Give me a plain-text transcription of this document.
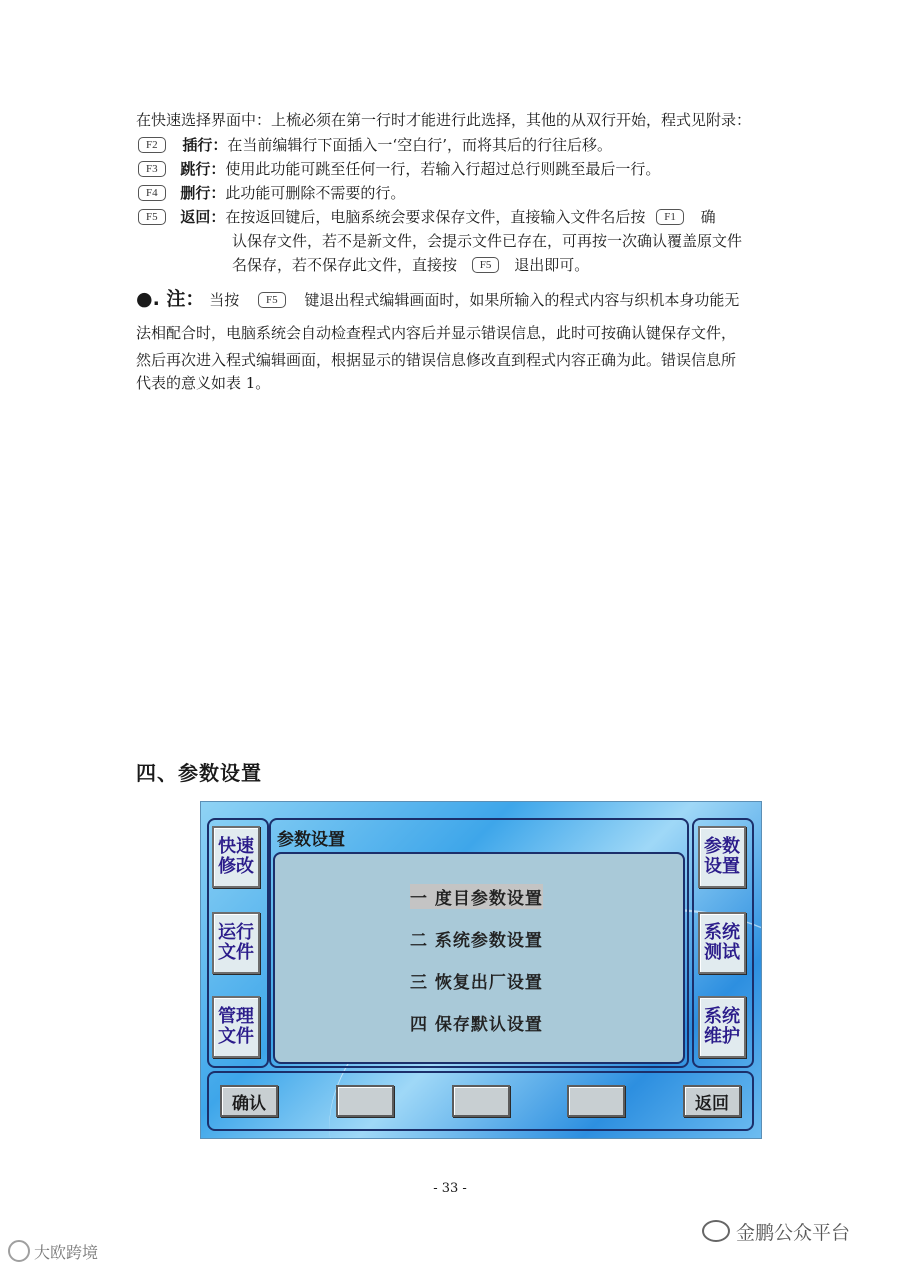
在快速选择界面中：上梳必须在第一行时才能进行此选择，其他的从双行开始，程式见附录：
F2 插行：在当前编辑行下面插入一‘空白行’，而将其后的行往后移。
F3 跳行：使用此功能可跳至任何一行，若输入行超过总行则跳至最后一行。
F4 删行：此功能可删除不需要的行。
F5 返回：在按返回键后，电脑系统会要求保存文件，直接输入文件名后按 F1 确
认保存文件，若不是新文件，会提示文件已存在，可再按一次确认覆盖原文件
名保存，若不保存此文件，直接按 F5 退出即可。
●. 注： 当按 F5 键退出程式编辑画面时，如果所输入的程式内容与织机本身功能无
法相配合时，电脑系统会自动检查程式内容后并显示错误信息，此时可按确认键保存文件，
然后再次进入程式编辑画面，根据显示的错误信息修改直到程式内容正确为此。错误信息所
代表的意义如表 1。
四、参数设置
快速
修改
运行
文件
管理
文件
参数
设置
系统
测试
系统
维护
参数设置
一 度目参数设置
二 系统参数设置
三 恢复出厂设置
四 保存默认设置
确认	返回
- 33 -
大欧跨境
金鹏公众平台
